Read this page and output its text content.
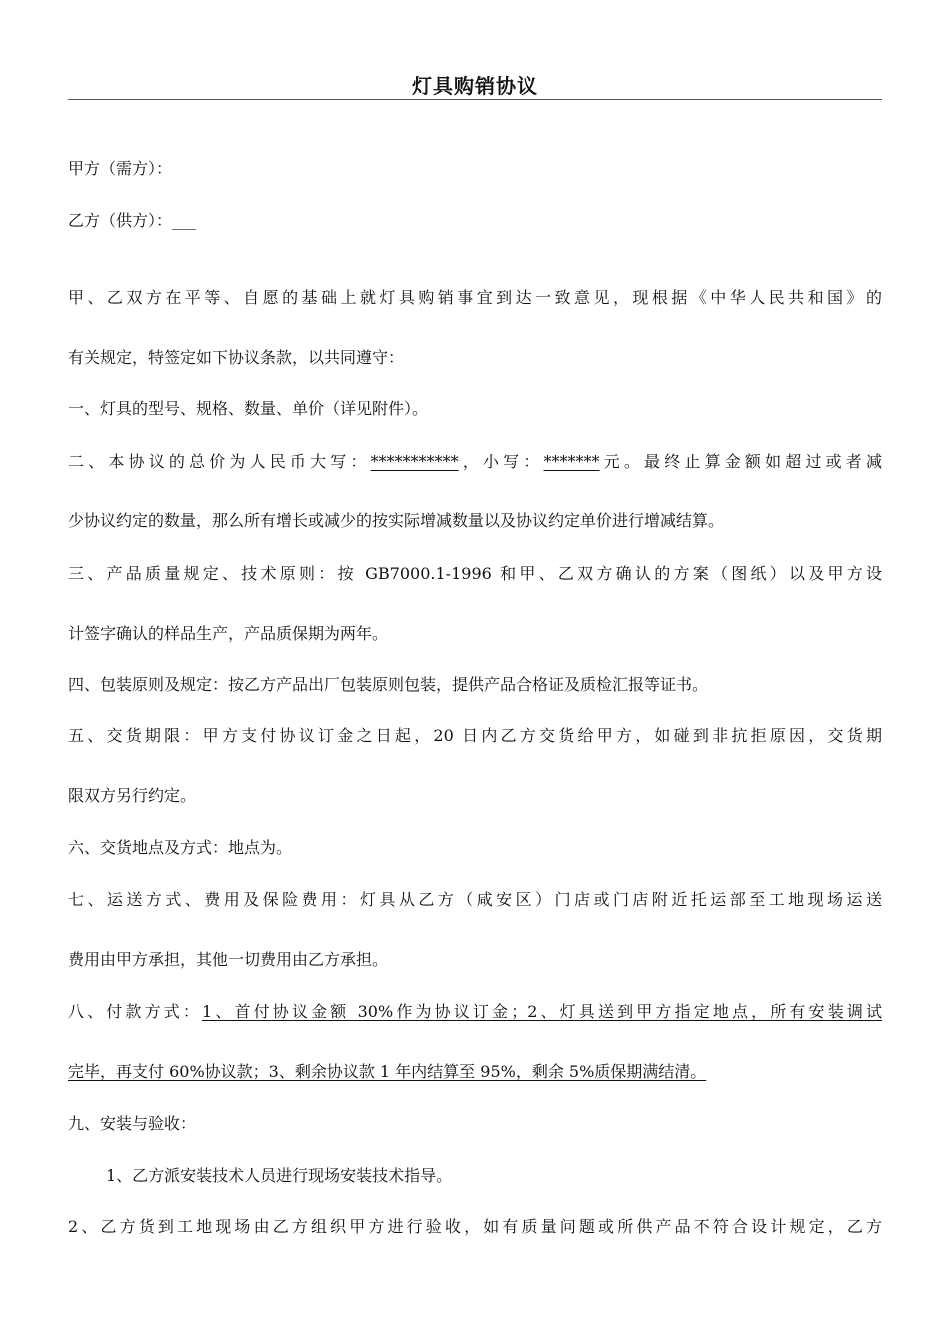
灯具购销协议
甲方（需方）：
乙方（供方）：___
甲、乙双方在平等、自愿的基础上就灯具购销事宜到达一致意见，现根据《中华人民共和国》的
有关规定，特签定如下协议条款，以共同遵守：
一、灯具的型号、规格、数量、单价（详见附件）。
二、本协议的总价为人民币大写：***********，小写：*******元。最终止算金额如超过或者减
少协议约定的数量，那么所有增长或减少的按实际增减数量以及协议约定单价进行增减结算。
三、产品质量规定、技术原则：按 GB7000.1-1996 和甲、乙双方确认的方案（图纸）以及甲方设
计签字确认的样品生产，产品质保期为两年。
四、包装原则及规定：按乙方产品出厂包装原则包装，提供产品合格证及质检汇报等证书。
五、交货期限：甲方支付协议订金之日起，20 日内乙方交货给甲方，如碰到非抗拒原因，交货期
限双方另行约定。
六、交货地点及方式：地点为。
七、运送方式、费用及保险费用：灯具从乙方（咸安区）门店或门店附近托运部至工地现场运送
费用由甲方承担，其他一切费用由乙方承担。
八、付款方式：1、首付协议金额 30%作为协议订金；2、灯具送到甲方指定地点，所有安装调试
完毕，再支付 60%协议款；3、剩余协议款 1 年内结算至 95%，剩余 5%质保期满结清。
九、安装与验收：
1、乙方派安装技术人员进行现场安装技术指导。
2、乙方货到工地现场由乙方组织甲方进行验收，如有质量问题或所供产品不符合设计规定，乙方
